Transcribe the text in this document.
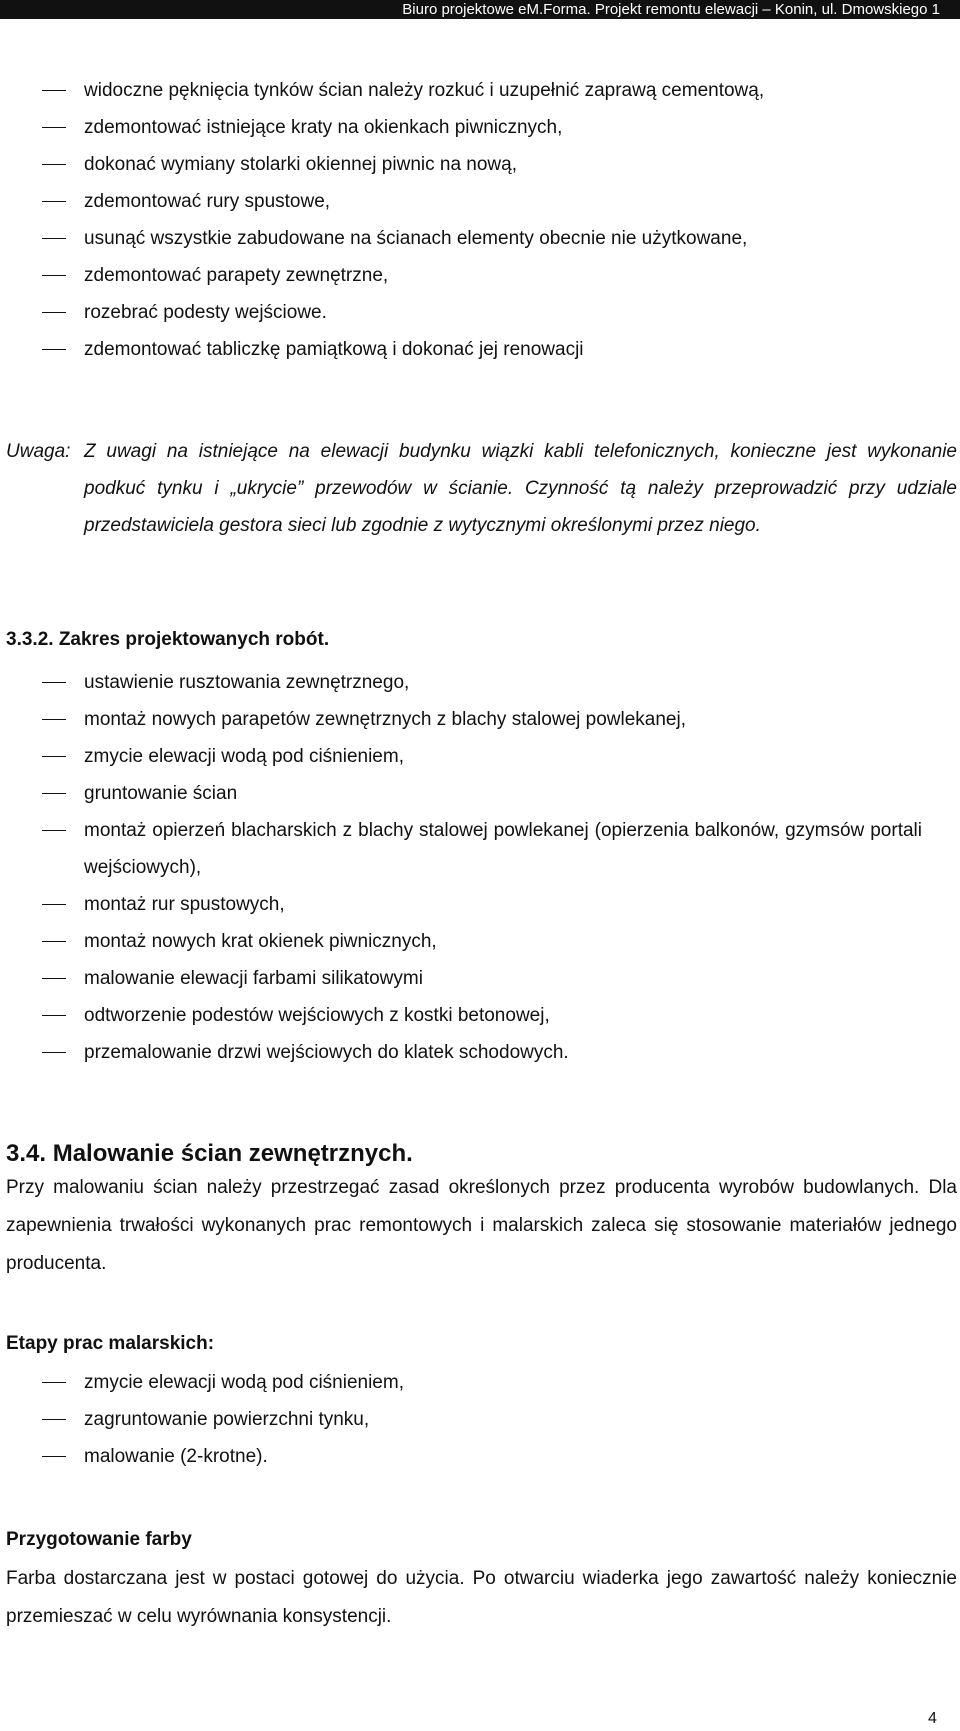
Biuro projektowe eM.Forma. Projekt remontu elewacji – Konin, ul. Dmowskiego 1
widoczne pęknięcia tynków ścian należy rozkuć i uzupełnić zaprawą cementową,
zdemontować istniejące kraty na okienkach piwnicznych,
dokonać wymiany stolarki okiennej piwnic na nową,
zdemontować rury spustowe,
usunąć wszystkie zabudowane na ścianach elementy obecnie nie użytkowane,
zdemontować parapety zewnętrzne,
rozebrać podesty wejściowe.
zdemontować tabliczkę pamiątkową i dokonać jej renowacji
Uwaga: Z uwagi na istniejące na elewacji budynku wiązki kabli telefonicznych, konieczne jest wykonanie podkuć tynku i „ukrycie” przewodów w ścianie. Czynność tą należy przeprowadzić przy udziale przedstawiciela gestora sieci lub zgodnie z wytycznymi określonymi przez niego.
3.3.2. Zakres projektowanych robót.
ustawienie rusztowania zewnętrznego,
montaż nowych parapetów zewnętrznych z blachy stalowej powlekanej,
zmycie elewacji wodą pod ciśnieniem,
gruntowanie ścian
montaż opierzeń blacharskich z blachy stalowej powlekanej (opierzenia balkonów, gzymsów portali wejściowych),
montaż rur spustowych,
montaż nowych krat okienek piwnicznych,
malowanie elewacji farbami silikatowymi
odtworzenie podestów wejściowych z kostki betonowej,
przemalowanie drzwi wejściowych do klatek schodowych.
3.4. Malowanie ścian zewnętrznych.
Przy malowaniu ścian należy przestrzegać zasad określonych przez producenta wyrobów budowlanych. Dla zapewnienia trwałości wykonanych prac remontowych i malarskich zaleca się stosowanie materiałów jednego producenta.
Etapy prac malarskich:
zmycie elewacji wodą pod ciśnieniem,
zagruntowanie powierzchni tynku,
malowanie (2-krotne).
Przygotowanie farby
Farba dostarczana jest w postaci gotowej do użycia. Po otwarciu wiaderka jego zawartość należy koniecznie przemieszać w celu wyrównania konsystencji.
4
